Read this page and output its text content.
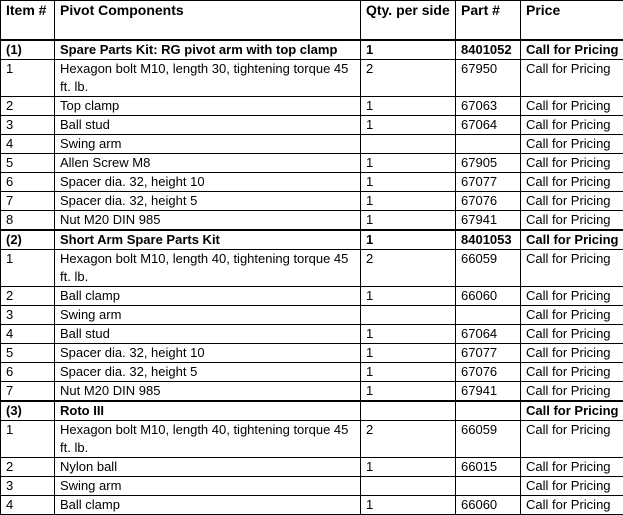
Item #	Pivot Components	Qty. per side	Part #	Price
(1)	Spare Parts Kit: RG pivot arm with top clamp	1	8401052	Call for Pricing
1	Hexagon bolt M10, length 30, tightening torque 45 ft. lb.	2	67950	Call for Pricing
2	Top clamp	1	67063	Call for Pricing
3	Ball stud	1	67064	Call for Pricing
4	Swing arm			Call for Pricing
5	Allen Screw M8	1	67905	Call for Pricing
6	Spacer dia. 32, height 10	1	67077	Call for Pricing
7	Spacer dia. 32, height 5	1	67076	Call for Pricing
8	Nut M20 DIN 985	1	67941	Call for Pricing
(2)	Short Arm Spare Parts Kit	1	8401053	Call for Pricing
1	Hexagon bolt M10, length 40, tightening torque 45 ft. lb.	2	66059	Call for Pricing
2	Ball clamp	1	66060	Call for Pricing
3	Swing arm			Call for Pricing
4	Ball stud	1	67064	Call for Pricing
5	Spacer dia. 32, height 10	1	67077	Call for Pricing
6	Spacer dia. 32, height 5	1	67076	Call for Pricing
7	Nut M20 DIN 985	1	67941	Call for Pricing
(3)	Roto III			Call for Pricing
1	Hexagon bolt M10, length 40, tightening torque 45 ft. lb.	2	66059	Call for Pricing
2	Nylon ball	1	66015	Call for Pricing
3	Swing arm			Call for Pricing
4	Ball clamp	1	66060	Call for Pricing
